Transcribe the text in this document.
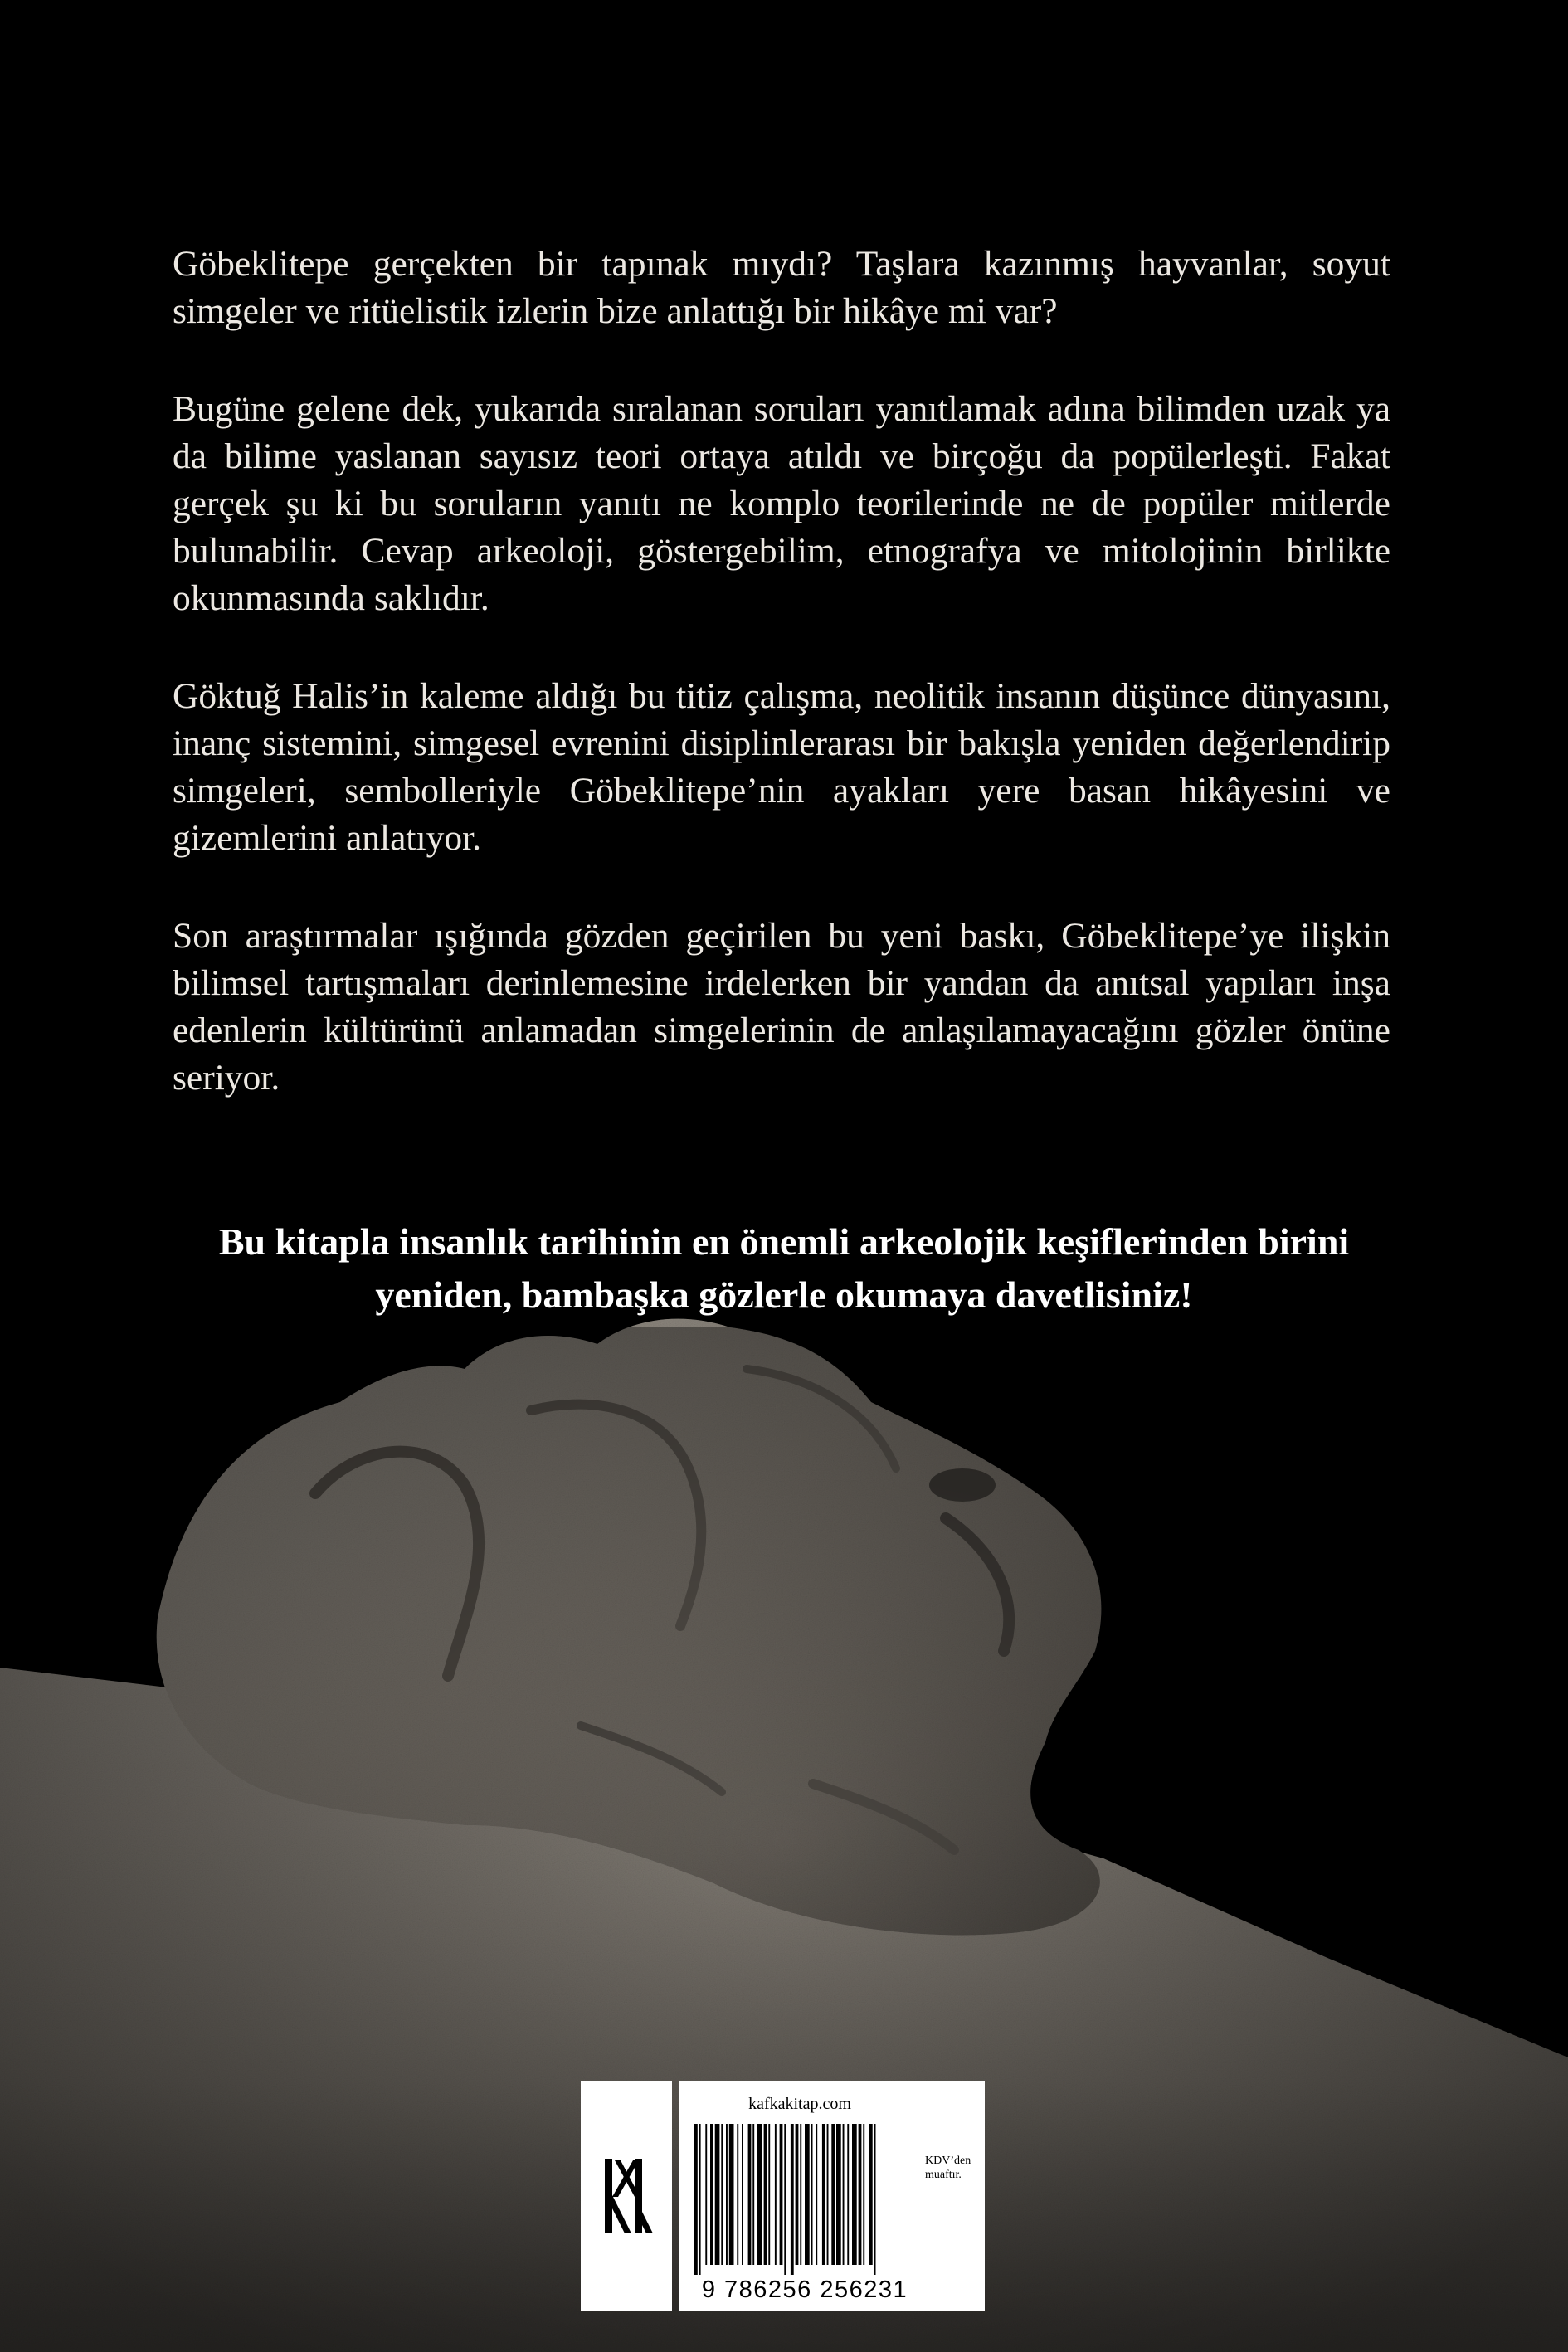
Göbeklitepe gerçekten bir tapınak mıydı? Taşlara kazınmış hayvanlar, soyut simgeler ve ritüelistik izlerin bize anlattığı bir hikâye mi var?

Bugüne gelene dek, yukarıda sıralanan soruları yanıtlamak adına bilimden uzak ya da bilime yaslanan sayısız teori ortaya atıldı ve birçoğu da popülerleşti. Fakat gerçek şu ki bu soruların yanıtı ne komplo teorilerinde ne de popüler mitlerde bulunabilir. Cevap arkeoloji, göstergebilim, etnografya ve mitolojinin birlikte okunmasında saklıdır.

Göktuğ Halis’in kaleme aldığı bu titiz çalışma, neolitik insanın düşünce dünyasını, inanç sistemini, simgesel evrenini disiplinlerarası bir bakışla yeniden değerlendirip simgeleri, sembolleriyle Göbeklitepe’nin ayakları yere basan hikâyesini ve gizemlerini anlatıyor.

Son araştırmalar ışığında gözden geçirilen bu yeni baskı, Göbeklitepe’ye ilişkin bilimsel tartışmaları derinlemesine irdelerken bir yandan da anıtsal yapıları inşa edenlerin kültürünü anlamadan simgelerinin de anlaşılamayacağını gözler önüne seriyor.

Bu kitapla insanlık tarihinin en önemli arkeolojik keşiflerinden birini

yeniden, bambaşka gözlerle okumaya davetlisiniz!

kafkakitap.com
KDV’den
muaftır.
9 786256 256231
